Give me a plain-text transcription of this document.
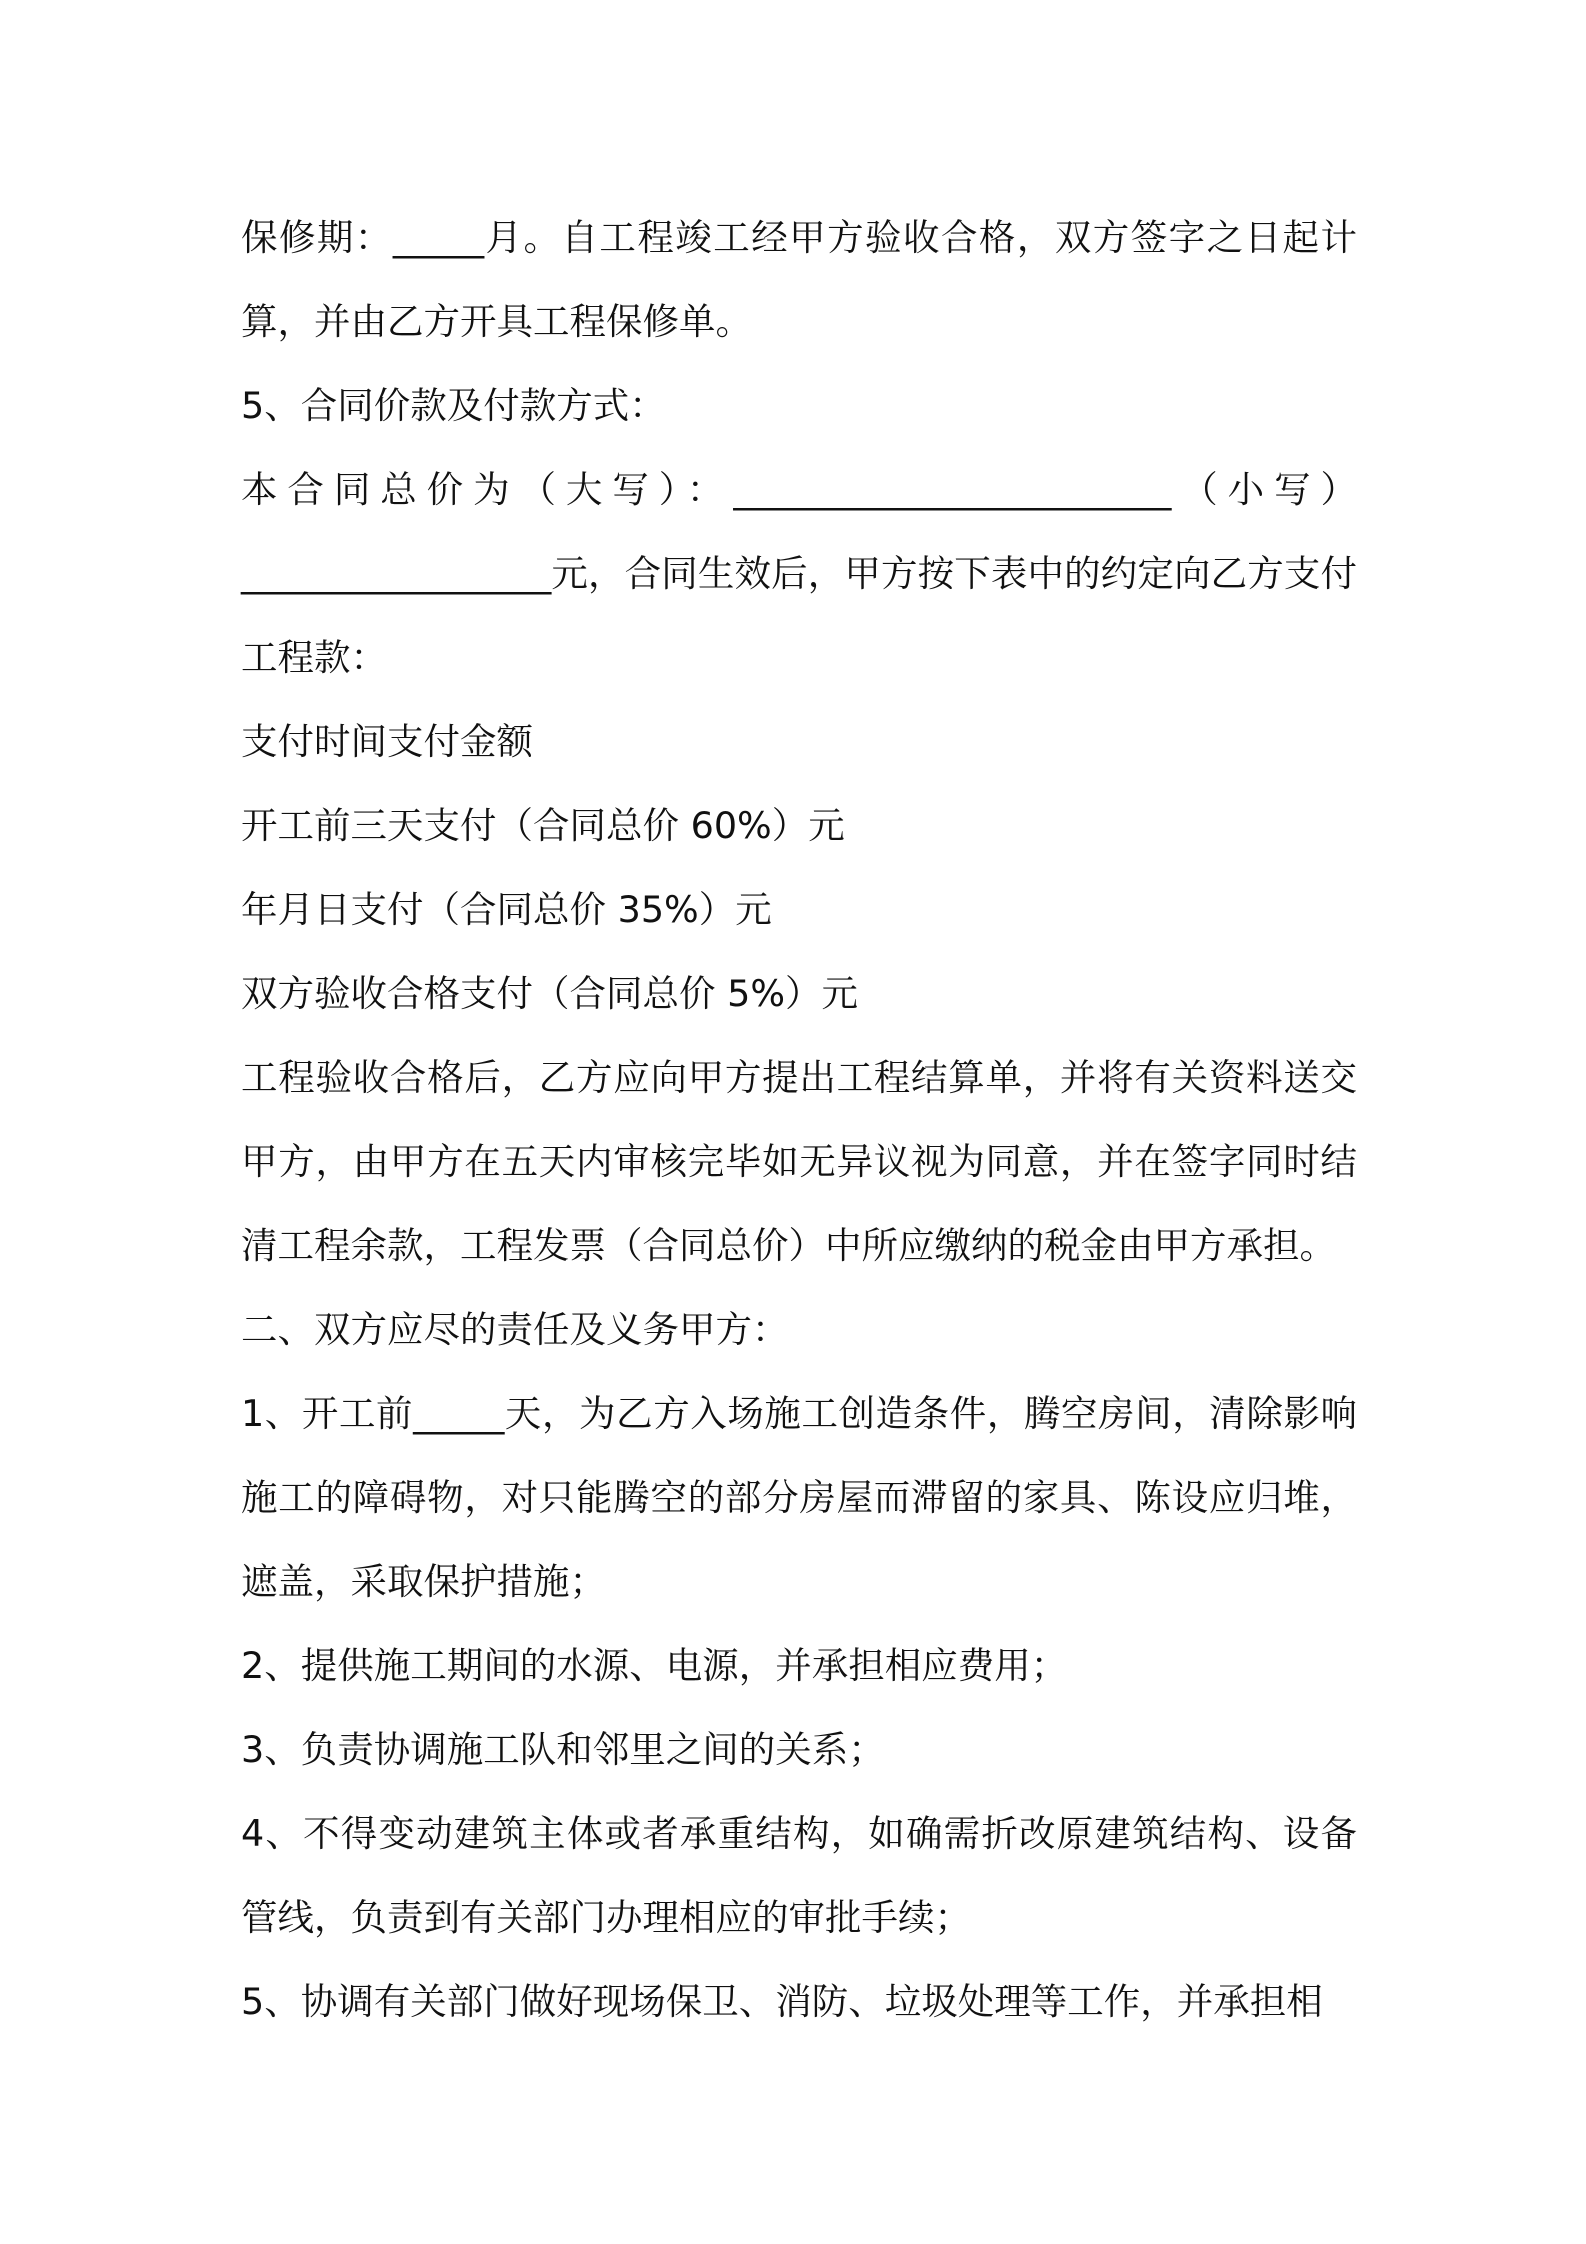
保修期：_____月。自工程竣工经甲方验收合格，双方签字之日起计算，并由乙方开具工程保修单。

5、合同价款及付款方式：

本合同总价为（大写）：________________________（小写）_________________元，合同生效后，甲方按下表中的约定向乙方支付工程款：

支付时间支付金额

开工前三天支付（合同总价 60%）元

年月日支付（合同总价 35%）元

双方验收合格支付（合同总价 5%）元

工程验收合格后，乙方应向甲方提出工程结算单，并将有关资料送交甲方，由甲方在五天内审核完毕如无异议视为同意，并在签字同时结清工程余款，工程发票（合同总价）中所应缴纳的税金由甲方承担。

二、双方应尽的责任及义务甲方：

1、开工前_____天，为乙方入场施工创造条件，腾空房间，清除影响施工的障碍物，对只能腾空的部分房屋而滞留的家具、陈设应归堆，遮盖，采取保护措施；

2、提供施工期间的水源、电源，并承担相应费用；

3、负责协调施工队和邻里之间的关系；

4、不得变动建筑主体或者承重结构，如确需折改原建筑结构、设备管线，负责到有关部门办理相应的审批手续；

5、协调有关部门做好现场保卫、消防、垃圾处理等工作，并承担相
